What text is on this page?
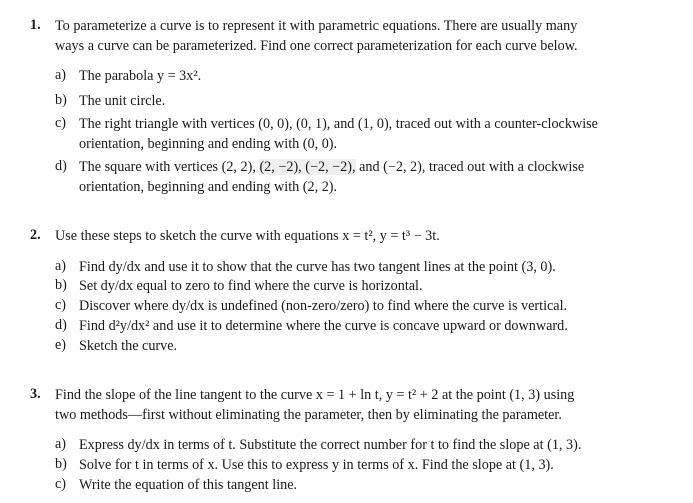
1. To parameterize a curve is to represent it with parametric equations. There are usually many
ways a curve can be parameterized. Find one correct parameterization for each curve below.
a) The parabola y = 3x².
b) The unit circle.
c) The right triangle with vertices (0, 0), (0, 1), and (1, 0), traced out with a counter-clockwise
orientation, beginning and ending with (0, 0).
d) The square with vertices (2, 2), (2, −2), (−2, −2), and (−2, 2), traced out with a clockwise
orientation, beginning and ending with (2, 2).
2. Use these steps to sketch the curve with equations x = t², y = t³ − 3t.
a) Find dy/dx and use it to show that the curve has two tangent lines at the point (3, 0).
b) Set dy/dx equal to zero to find where the curve is horizontal.
c) Discover where dy/dx is undefined (non-zero/zero) to find where the curve is vertical.
d) Find d²y/dx² and use it to determine where the curve is concave upward or downward.
e) Sketch the curve.
3. Find the slope of the line tangent to the curve x = 1 + ln t, y = t² + 2 at the point (1, 3) using
two methods—first without eliminating the parameter, then by eliminating the parameter.
a) Express dy/dx in terms of t. Substitute the correct number for t to find the slope at (1, 3).
b) Solve for t in terms of x. Use this to express y in terms of x. Find the slope at (1, 3).
c) Write the equation of this tangent line.
